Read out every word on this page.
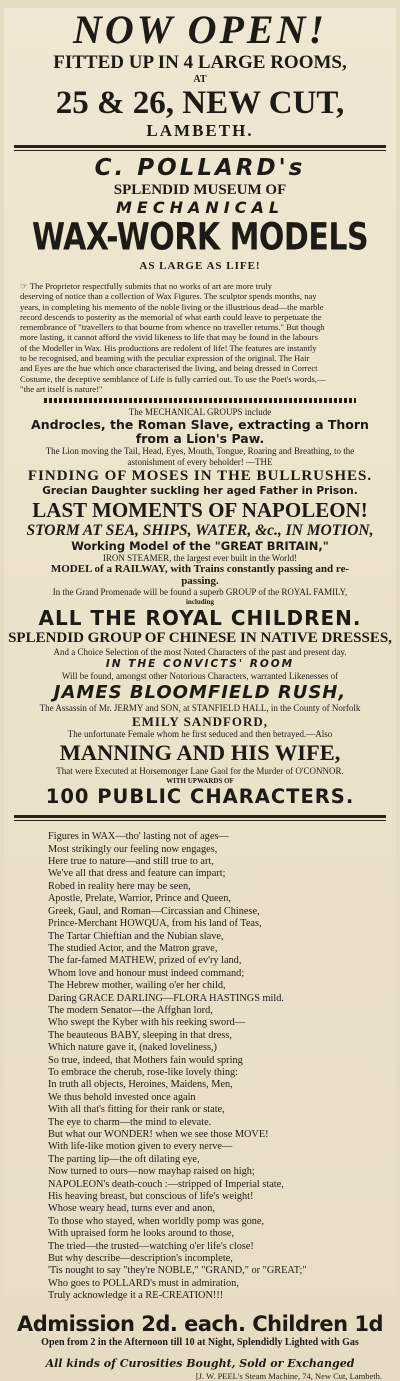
NOW OPEN!
FITTED UP IN 4 LARGE ROOMS,
AT
25 & 26, NEW CUT,
LAMBETH.
C. POLLARD's
SPLENDID MUSEUM OF
MECHANICAL
WAX-WORK MODELS
AS LARGE AS LIFE!
☞ The Proprietor respectfully submits that no works of art are more truly
deserving of notice than a collection of Wax Figures. The sculptor spends months, nay
years, in completing his memento of the noble living or the illustrious dead—the marble
record descends to posterity as the memorial of what earth could leave to perpetuate the
remembrance of "travellers to that bourne from whence no traveller returns." But though
more lasting, it cannot afford the vivid likeness to life that may be found in the labours
of the Modeller in Wax. His productions are redolent of life! The features are instantly
to be recognised, and beaming with the peculiar expression of the original. The Hair
and Eyes are the hue which once characterised the living, and being dressed in Correct
Costume, the deceptive semblance of Life is fully carried out. To use the Poet's words,—
"the art itself is nature!"
The MECHANICAL GROUPS include
Androcles, the Roman Slave, extracting a Thorn
from a Lion's Paw.
The Lion moving the Tail, Head, Eyes, Mouth, Tongue, Roaring and Breathing, to the
astonishment of every beholder! —THE
FINDING OF MOSES IN THE BULLRUSHES.
Grecian Daughter suckling her aged Father in Prison.
LAST MOMENTS OF NAPOLEON!
STORM AT SEA, SHIPS, WATER, &c., IN MOTION,
Working Model of the "GREAT BRITAIN,"
IRON STEAMER, the largest ever built in the World!
MODEL of a RAILWAY, with Trains constantly passing and re-
passing.
In the Grand Promenade will be found a superb GROUP of the ROYAL FAMILY,
including
ALL THE ROYAL CHILDREN.
SPLENDID GROUP OF CHINESE IN NATIVE DRESSES,
And a Choice Selection of the most Noted Characters of the past and present day.
IN THE CONVICTS' ROOM
Will be found, amongst other Notorious Characters, warranted Likenesses of
JAMES BLOOMFIELD RUSH,
The Assassin of Mr. JERMY and SON, at STANFIELD HALL, in the County of Norfolk
EMILY SANDFORD,
The unfortunate Female whom he first seduced and then betrayed.—Also
MANNING AND HIS WIFE,
That were Executed at Horsemonger Lane Gaol for the Murder of O'CONNOR.
WITH UPWARDS OF
100 PUBLIC CHARACTERS.
Figures in WAX—tho' lasting not of ages—
Most strikingly our feeling now engages,
Here true to nature—and still true to art,
We've all that dress and feature can impart;
Robed in reality here may be seen,
Apostle, Prelate, Warrior, Prince and Queen,
Greek, Gaul, and Roman—Circassian and Chinese,
Prince-Merchant HOWQUA, from his land of Teas,
The Tartar Chieftian and the Nubian slave,
The studied Actor, and the Matron grave,
The far-famed MATHEW, prized of ev'ry land,
Whom love and honour must indeed command;
The Hebrew mother, wailing o'er her child,
Daring GRACE DARLING—FLORA HASTINGS mild.
The modern Senator—the Affghan lord,
Who swept the Kyber with his reeking sword—
The beauteous BABY, sleeping in that dress,
Which nature gave it, (naked loveliness,)
So true, indeed, that Mothers fain would spring
To embrace the cherub, rose-like lovely thing:
In truth all objects, Heroines, Maidens, Men,
We thus behold invested once again
With all that's fitting for their rank or state,
The eye to charm—the mind to elevate.
But what our WONDER! when we see those MOVE!
With life-like motion given to every nerve—
The parting lip—the oft dilating eye,
Now turned to ours—now mayhap raised on high;
NAPOLEON's death-couch :—stripped of Imperial state,
His heaving breast, but conscious of life's weight!
Whose weary head, turns ever and anon,
To those who stayed, when worldly pomp was gone,
With upraised form he looks around to those,
The tried—the trusted—watching o'er life's close!
But why describe—description's incomplete,
'Tis nought to say "they're NOBLE," "GRAND," or "GREAT;"
Who goes to POLLARD's must in admiration,
Truly acknowledge it a RE-CREATION!!!
Admission 2d. each. Children 1d
Open from 2 in the Afternoon till 10 at Night, Splendidly Lighted with Gas
All kinds of Curosities Bought, Sold or Exchanged
[J. W. PEEL's Steam Machine, 74, New Cut, Lambeth.
